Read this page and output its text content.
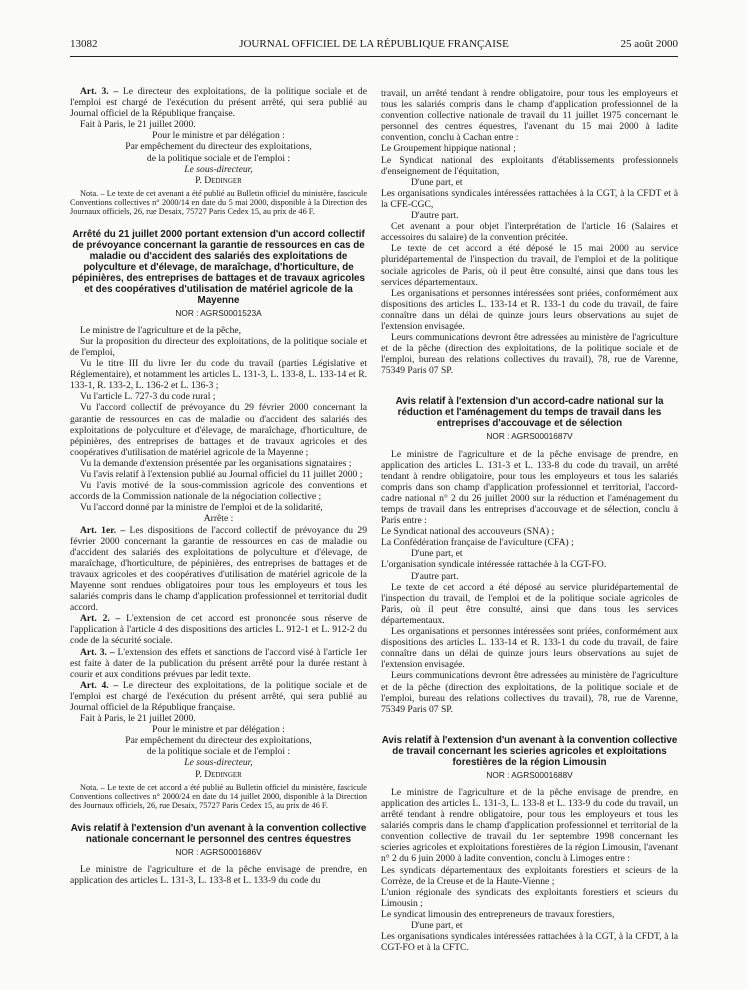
13082	JOURNAL OFFICIEL DE LA RÉPUBLIQUE FRANÇAISE	25 août 2000

Art. 3. – Le directeur des exploitations, de la politique sociale et de l'emploi est chargé de l'exécution du présent arrêté, qui sera publié au Journal officiel de la République française.

Fait à Paris, le 21 juillet 2000.

Pour le ministre et par délégation :
Par empêchement du directeur des exploitations,
de la politique sociale et de l'emploi :
Le sous-directeur,
P. Dedinger

Nota. – Le texte de cet avenant a été publié au Bulletin officiel du ministère, fascicule Conventions collectives n° 2000/14 en date du 5 mai 2000, disponible à la Direction des Journaux officiels, 26, rue Desaix, 75727 Paris Cedex 15, au prix de 46 F.

Arrêté du 21 juillet 2000 portant extension d'un accord collectif de prévoyance concernant la garantie de ressources en cas de maladie ou d'accident des salariés des exploitations de polyculture et d'élevage, de maraîchage, d'horticulture, de pépinières, des entreprises de battages et de travaux agricoles et des coopératives d'utilisation de matériel agricole de la Mayenne
NOR : AGRS0001523A

Le ministre de l'agriculture et de la pêche,

Sur la proposition du directeur des exploitations, de la politique sociale et de l'emploi,

Vu le titre III du livre Ier du code du travail (parties Législative et Réglementaire), et notamment les articles L. 131-3, L. 133-8, L. 133-14 et R. 133-1, R. 133-2, L. 136-2 et L. 136-3 ;

Vu l'article L. 727-3 du code rural ;

Vu l'accord collectif de prévoyance du 29 février 2000 concernant la garantie de ressources en cas de maladie ou d'accident des salariés des exploitations de polyculture et d'élevage, de maraîchage, d'horticulture, de pépinières, des entreprises de battages et de travaux agricoles et des coopératives d'utilisation de matériel agricole de la Mayenne ;

Vu la demande d'extension présentée par les organisations signataires ;

Vu l'avis relatif à l'extension publié au Journal officiel du 11 juillet 2000 ;

Vu l'avis motivé de la sous-commission agricole des conventions et accords de la Commission nationale de la négociation collective ;

Vu l'accord donné par la ministre de l'emploi et de la solidarité,

Arrête :

Art. 1er. – Les dispositions de l'accord collectif de prévoyance du 29 février 2000 concernant la garantie de ressources en cas de maladie ou d'accident des salariés des exploitations de polyculture et d'élevage, de maraîchage, d'horticulture, de pépinières, des entreprises de battages et de travaux agricoles et des coopératives d'utilisation de matériel agricole de la Mayenne sont rendues obligatoires pour tous les employeurs et tous les salariés compris dans le champ d'application professionnel et territorial dudit accord.

Art. 2. – L'extension de cet accord est prononcée sous réserve de l'application à l'article 4 des dispositions des articles L. 912-1 et L. 912-2 du code de la sécurité sociale.

Art. 3. – L'extension des effets et sanctions de l'accord visé à l'article 1er est faite à dater de la publication du présent arrêté pour la durée restant à courir et aux conditions prévues par ledit texte.

Art. 4. – Le directeur des exploitations, de la politique sociale et de l'emploi est chargé de l'exécution du présent arrêté, qui sera publié au Journal officiel de la République française.

Fait à Paris, le 21 juillet 2000.

Pour le ministre et par délégation :
Par empêchement du directeur des exploitations,
de la politique sociale et de l'emploi :
Le sous-directeur,
P. Dedinger

Nota. – Le texte de cet accord a été publié au Bulletin officiel du ministère, fascicule Conventions collectives n° 2000/24 en date du 14 juillet 2000, disponible à la Direction des Journaux officiels, 26, rue Desaix, 75727 Paris Cedex 15, au prix de 46 F.

Avis relatif à l'extension d'un avenant à la convention collective nationale concernant le personnel des centres équestres
NOR : AGRS0001686V

Le ministre de l'agriculture et de la pêche envisage de prendre, en application des articles L. 131-3, L. 133-8 et L. 133-9 du code du

travail, un arrêté tendant à rendre obligatoire, pour tous les employeurs et tous les salariés compris dans le champ d'application professionnel de la convention collective nationale de travail du 11 juillet 1975 concernant le personnel des centres équestres, l'avenant du 15 mai 2000 à ladite convention, conclu à Cachan entre :

Le Groupement hippique national ;

Le Syndicat national des exploitants d'établissements professionnels d'enseignement de l'équitation,

D'une part, et

Les organisations syndicales intéressées rattachées à la CGT, à la CFDT et à la CFE-CGC,

D'autre part.

Cet avenant a pour objet l'interprétation de l'article 16 (Salaires et accessoires du salaire) de la convention précitée.

Le texte de cet accord a été déposé le 15 mai 2000 au service pluridépartemental de l'inspection du travail, de l'emploi et de la politique sociale agricoles de Paris, où il peut être consulté, ainsi que dans tous les services départementaux.

Les organisations et personnes intéressées sont priées, conformément aux dispositions des articles L. 133-14 et R. 133-1 du code du travail, de faire connaître dans un délai de quinze jours leurs observations au sujet de l'extension envisagée.

Leurs communications devront être adressées au ministère de l'agriculture et de la pêche (direction des exploitations, de la politique sociale et de l'emploi, bureau des relations collectives du travail), 78, rue de Varenne, 75349 Paris 07 SP.

Avis relatif à l'extension d'un accord-cadre national sur la réduction et l'aménagement du temps de travail dans les entreprises d'accouvage et de sélection
NOR : AGRS0001687V

Le ministre de l'agriculture et de la pêche envisage de prendre, en application des articles L. 131-3 et L. 133-8 du code du travail, un arrêté tendant à rendre obligatoire, pour tous les employeurs et tous les salariés compris dans son champ d'application professionnel et territorial, l'accord-cadre national n° 2 du 26 juillet 2000 sur la réduction et l'aménagement du temps de travail dans les entreprises d'accouvage et de sélection, conclu à Paris entre :

Le Syndicat national des accouveurs (SNA) ;

La Confédération française de l'aviculture (CFA) ;

D'une part, et

L'organisation syndicale intéressée rattachée à la CGT-FO.

D'autre part.

Le texte de cet accord a été déposé au service pluridépartemental de l'inspection du travail, de l'emploi et de la politique sociale agricoles de Paris, où il peut être consulté, ainsi que dans tous les services départementaux.

Les organisations et personnes intéressées sont priées, conformément aux dispositions des articles L. 133-14 et R. 133-1 du code du travail, de faire connaître dans un délai de quinze jours leurs observations au sujet de l'extension envisagée.

Leurs communications devront être adressées au ministère de l'agriculture et de la pêche (direction des exploitations, de la politique sociale et de l'emploi, bureau des relations collectives du travail), 78, rue de Varenne, 75349 Paris 07 SP.

Avis relatif à l'extension d'un avenant à la convention collective de travail concernant les scieries agricoles et exploitations forestières de la région Limousin
NOR : AGRS0001688V

Le ministre de l'agriculture et de la pêche envisage de prendre, en application des articles L. 131-3, L. 133-8 et L. 133-9 du code du travail, un arrêté tendant à rendre obligatoire, pour tous les employeurs et tous les salariés compris dans le champ d'application professionnel et territorial de la convention collective de travail du 1er septembre 1998 concernant les scieries agricoles et exploitations forestières de la région Limousin, l'avenant n° 2 du 6 juin 2000 à ladite convention, conclu à Limoges entre :

Les syndicats départementaux des exploitants forestiers et scieurs de la Corrèze, de la Creuse et de la Haute-Vienne ;

L'union régionale des syndicats des exploitants forestiers et scieurs du Limousin ;

Le syndicat limousin des entrepreneurs de travaux forestiers,

D'une part, et

Les organisations syndicales intéressées rattachées à la CGT, à la CFDT, à la CGT-FO et à la CFTC.
